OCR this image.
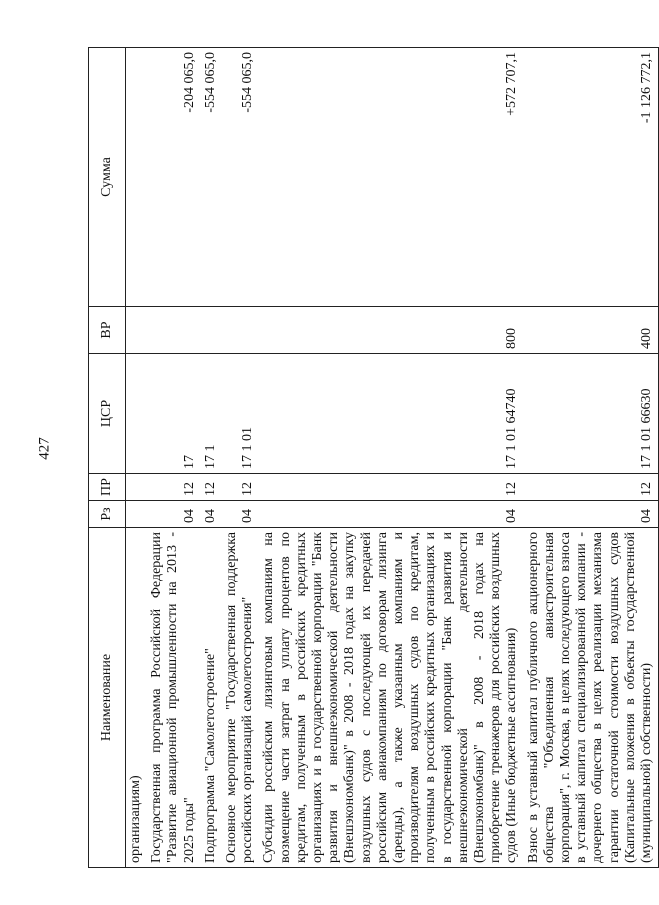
427
Наименование	Рз	ПР	ЦСР	ВР	Сумма
организациям)					
Государственная программа Российской Федерации "Развитие авиационной промышленности на 2013 - 2025 годы"	04	12	17		-204 065,0
Подпрограмма "Самолетостроение"	04	12	17 1		-554 065,0
Основное мероприятие "Государственная поддержка российских организаций самолетостроения"	04	12	17 1 01		-554 065,0
Субсидии российским лизинговым компаниям на возмещение части затрат на уплату процентов по кредитам, полученным в российских кредитных организациях и в государственной корпорации "Банк развития и внешнеэкономической деятельности (Внешэкономбанк)" в 2008 - 2018 годах на закупку воздушных судов с последующей их передачей российским авиакомпаниям по договорам лизинга (аренды), а также указанным компаниям и производителям воздушных судов по кредитам, полученным в российских кредитных организациях и в государственной корпорации "Банк развития и внешнеэкономической деятельности (Внешэкономбанк)" в 2008 - 2018 годах на приобретение тренажеров для российских воздушных судов (Иные бюджетные ассигнования)	04	12	17 1 01 64740	800	+572 707,1
Взнос в уставный капитал публичного акционерного общества "Объединенная авиастроительная корпорация", г. Москва, в целях последующего взноса в уставный капитал специализированной компании - дочернего общества в целях реализации механизма гарантии остаточной стоимости воздушных судов (Капитальные вложения в объекты государственной (муниципальной) собственности)	04	12	17 1 01 66630	400	-1 126 772,1
